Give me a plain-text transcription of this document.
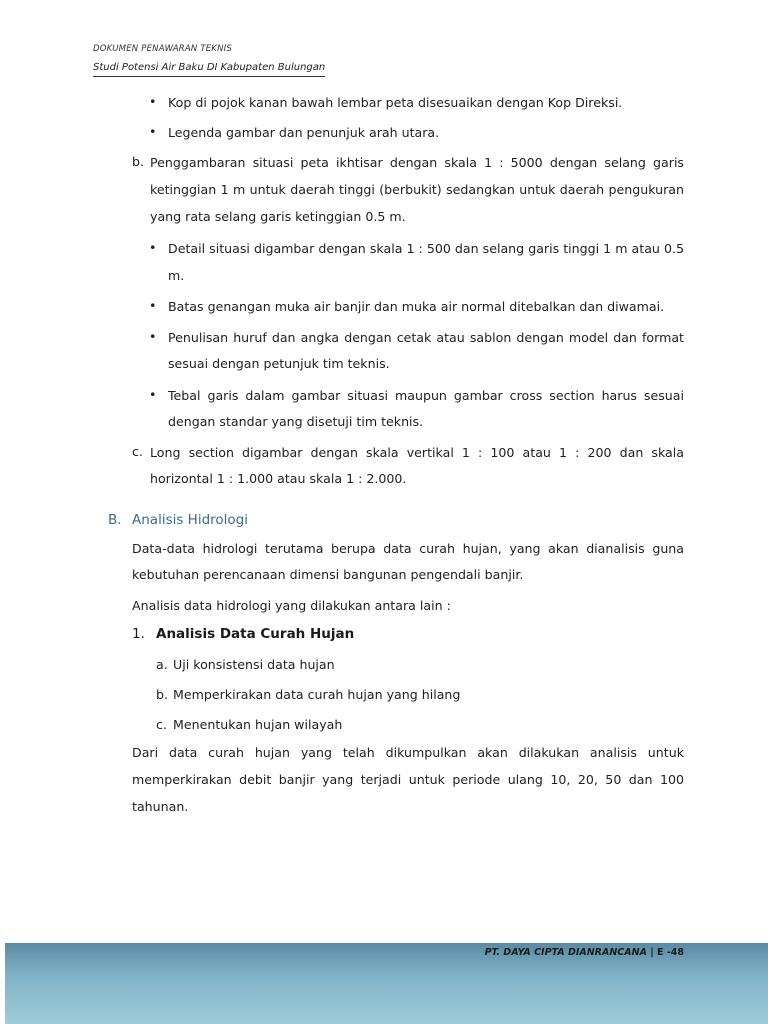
DOKUMEN PENAWARAN TEKNIS
Studi Potensi Air Baku DI Kabupaten Bulungan
• Kop di pojok kanan bawah lembar peta disesuaikan dengan Kop Direksi.
• Legenda gambar dan penunjuk arah utara.
b. Penggambaran situasi peta ikhtisar dengan skala 1 : 5000 dengan selang garis
ketinggian 1 m untuk daerah tinggi (berbukit) sedangkan untuk daerah pengukuran
yang rata selang garis ketinggian 0.5 m.
• Detail situasi digambar dengan skala 1 : 500 dan selang garis tinggi 1 m atau 0.5
m.
• Batas genangan muka air banjir dan muka air normal ditebalkan dan diwamai.
• Penulisan huruf dan angka dengan cetak atau sablon dengan model dan format
sesuai dengan petunjuk tim teknis.
• Tebal garis dalam gambar situasi maupun gambar cross section harus sesuai
dengan standar yang disetuji tim teknis.
c. Long section digambar dengan skala vertikal 1 : 100 atau 1 : 200 dan skala
horizontal 1 : 1.000 atau skala 1 : 2.000.
B. Analisis Hidrologi
Data-data hidrologi terutama berupa data curah hujan, yang akan dianalisis guna
kebutuhan perencanaan dimensi bangunan pengendali banjir.
Analisis data hidrologi yang dilakukan antara lain :
1. Analisis Data Curah Hujan
a. Uji konsistensi data hujan
b. Memperkirakan data curah hujan yang hilang
c. Menentukan hujan wilayah
Dari data curah hujan yang telah dikumpulkan akan dilakukan analisis untuk
memperkirakan debit banjir yang terjadi untuk periode ulang 10, 20, 50 dan 100
tahunan.
PT. DAYA CIPTA DIANRANCANA | E -48
